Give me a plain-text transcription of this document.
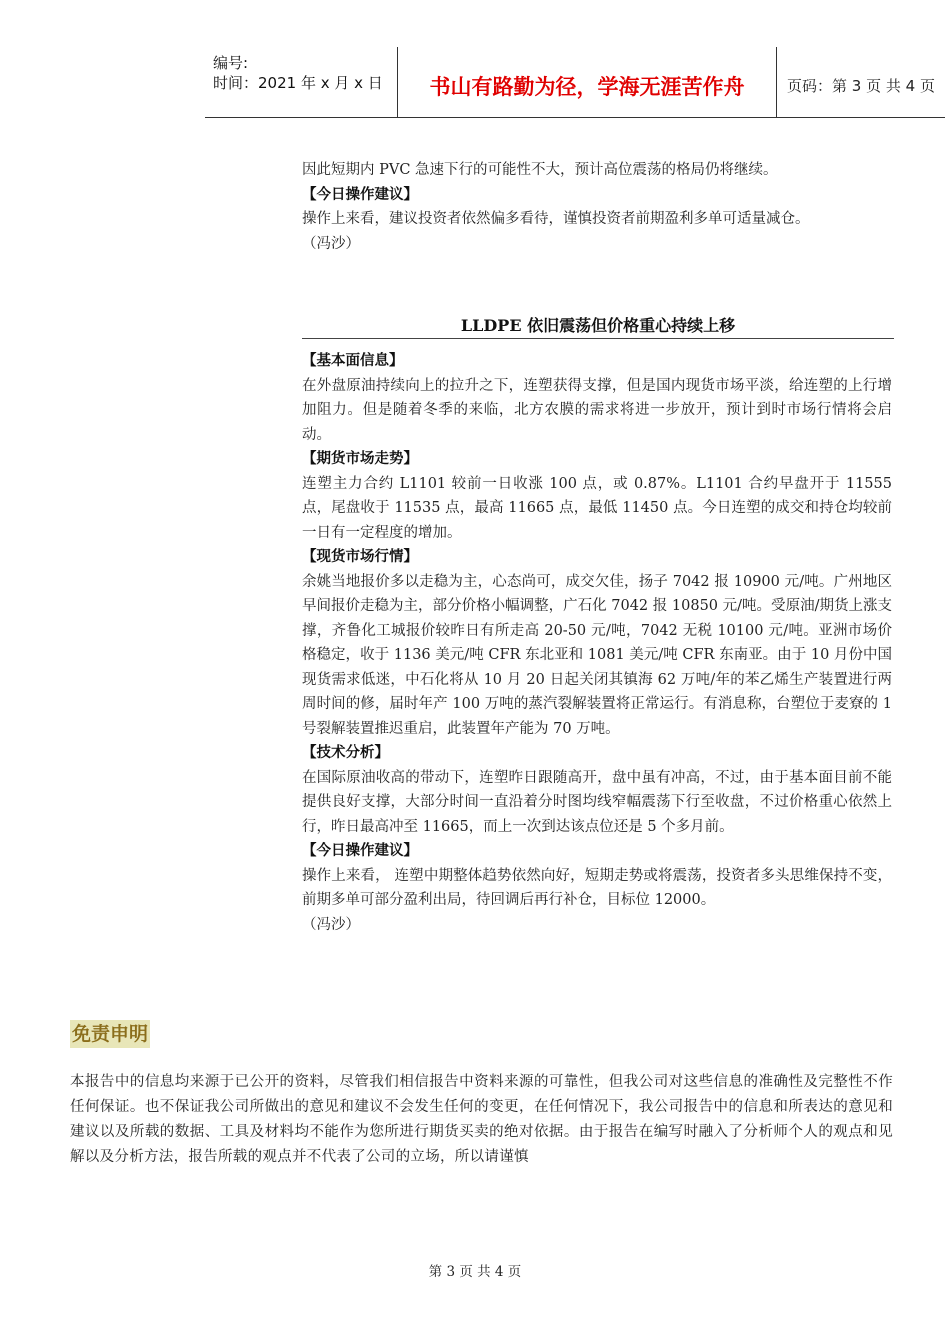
编号:
时间：2021 年 x 月 x 日	书山有路勤为径，学海无涯苦作舟	页码：第 3 页 共 4 页

因此短期内 PVC 急速下行的可能性不大，预计高位震荡的格局仍将继续。

【今日操作建议】

操作上来看，建议投资者依然偏多看待，谨慎投资者前期盈利多单可适量减仓。

（冯沙）

LLDPE 依旧震荡但价格重心持续上移

【基本面信息】

在外盘原油持续向上的拉升之下，连塑获得支撑，但是国内现货市场平淡，给连塑的上行增加阻力。但是随着冬季的来临，北方农膜的需求将进一步放开，预计到时市场行情将会启动。

【期货市场走势】

连塑主力合约 L1101 较前一日收涨 100 点，或 0.87%。L1101 合约早盘开于 11555 点，尾盘收于 11535 点，最高 11665 点，最低 11450 点。今日连塑的成交和持仓均较前一日有一定程度的增加。

【现货市场行情】

余姚当地报价多以走稳为主，心态尚可，成交欠佳，扬子 7042 报 10900 元/吨。广州地区早间报价走稳为主，部分价格小幅调整，广石化 7042 报 10850 元/吨。受原油/期货上涨支撑，齐鲁化工城报价较昨日有所走高 20-50 元/吨，7042 无税 10100 元/吨。亚洲市场价格稳定，收于 1136 美元/吨 CFR 东北亚和 1081 美元/吨 CFR 东南亚。由于 10 月份中国现货需求低迷，中石化将从 10 月 20 日起关闭其镇海 62 万吨/年的苯乙烯生产装置进行两周时间的修，届时年产 100 万吨的蒸汽裂解装置将正常运行。有消息称，台塑位于麦寮的 1 号裂解装置推迟重启，此装置年产能为 70 万吨。

【技术分析】

在国际原油收高的带动下，连塑昨日跟随高开，盘中虽有冲高，不过，由于基本面目前不能提供良好支撑，大部分时间一直沿着分时图均线窄幅震荡下行至收盘，不过价格重心依然上行，昨日最高冲至 11665，而上一次到达该点位还是 5 个多月前。

【今日操作建议】

操作上来看， 连塑中期整体趋势依然向好，短期走势或将震荡，投资者多头思维保持不变，前期多单可部分盈利出局，待回调后再行补仓，目标位 12000。

（冯沙）

免责申明
本报告中的信息均来源于已公开的资料，尽管我们相信报告中资料来源的可靠性，但我公司对这些信息的准确性及完整性不作任何保证。也不保证我公司所做出的意见和建议不会发生任何的变更，在任何情况下，我公司报告中的信息和所表达的意见和建议以及所载的数据、工具及材料均不能作为您所进行期货买卖的绝对依据。由于报告在编写时融入了分析师个人的观点和见解以及分析方法，报告所载的观点并不代表了公司的立场，所以请谨慎
第 3 页 共 4 页
